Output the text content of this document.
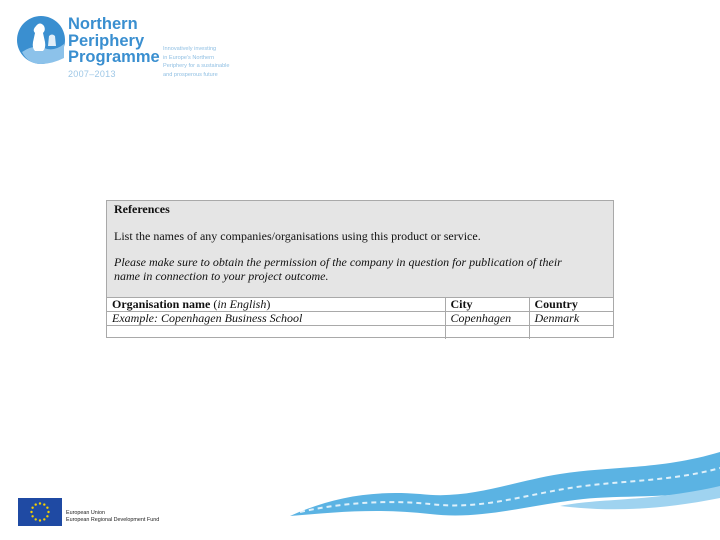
Northern
Periphery
Programme
2007–2013
Innovatively investing
in Europe's Northern
Periphery for a sustainable
and prosperous future
References
List the names of any companies/organisations using this product or service.
Please make sure to obtain the permission of the company in question for publication of their
name in connection to your project outcome.
Organisation name (in English)	City	Country
Example: Copenhagen Business School	Copenhagen	Denmark

European Union
European Regional Development Fund
